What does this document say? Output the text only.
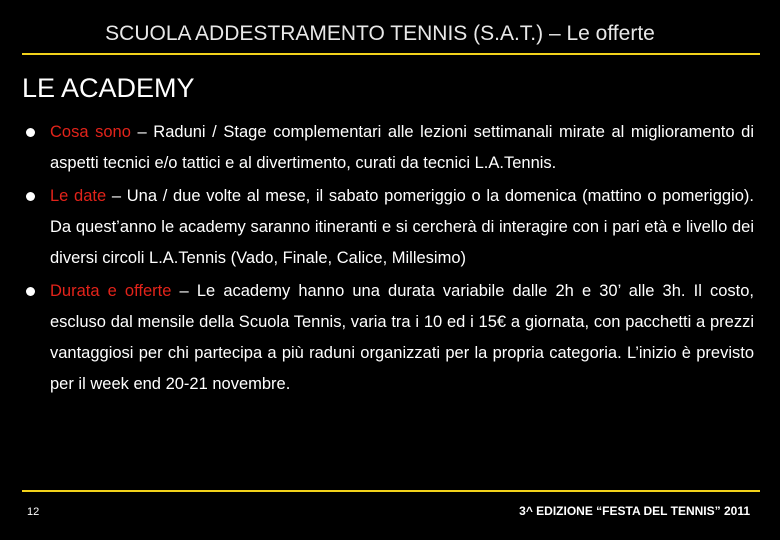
SCUOLA ADDESTRAMENTO TENNIS (S.A.T.) – Le offerte
LE ACADEMY
Cosa sono – Raduni / Stage complementari alle lezioni settimanali mirate al miglioramento di aspetti tecnici e/o tattici e al divertimento, curati da tecnici L.A.Tennis.
Le date – Una / due volte al mese, il sabato pomeriggio o la domenica (mattino o pomeriggio). Da quest’anno le academy saranno itineranti e si cercherà di interagire con i pari età e livello dei diversi circoli L.A.Tennis (Vado, Finale, Calice, Millesimo)
Durata e offerte – Le academy hanno una durata variabile dalle 2h e 30’ alle 3h. Il costo, escluso dal mensile della Scuola Tennis, varia tra i 10 ed i 15€ a giornata, con pacchetti a prezzi vantaggiosi per chi partecipa a più raduni organizzati per la propria categoria. L’inizio è previsto per il week end 20-21 novembre.
12	3^ EDIZIONE “FESTA DEL TENNIS” 2011
